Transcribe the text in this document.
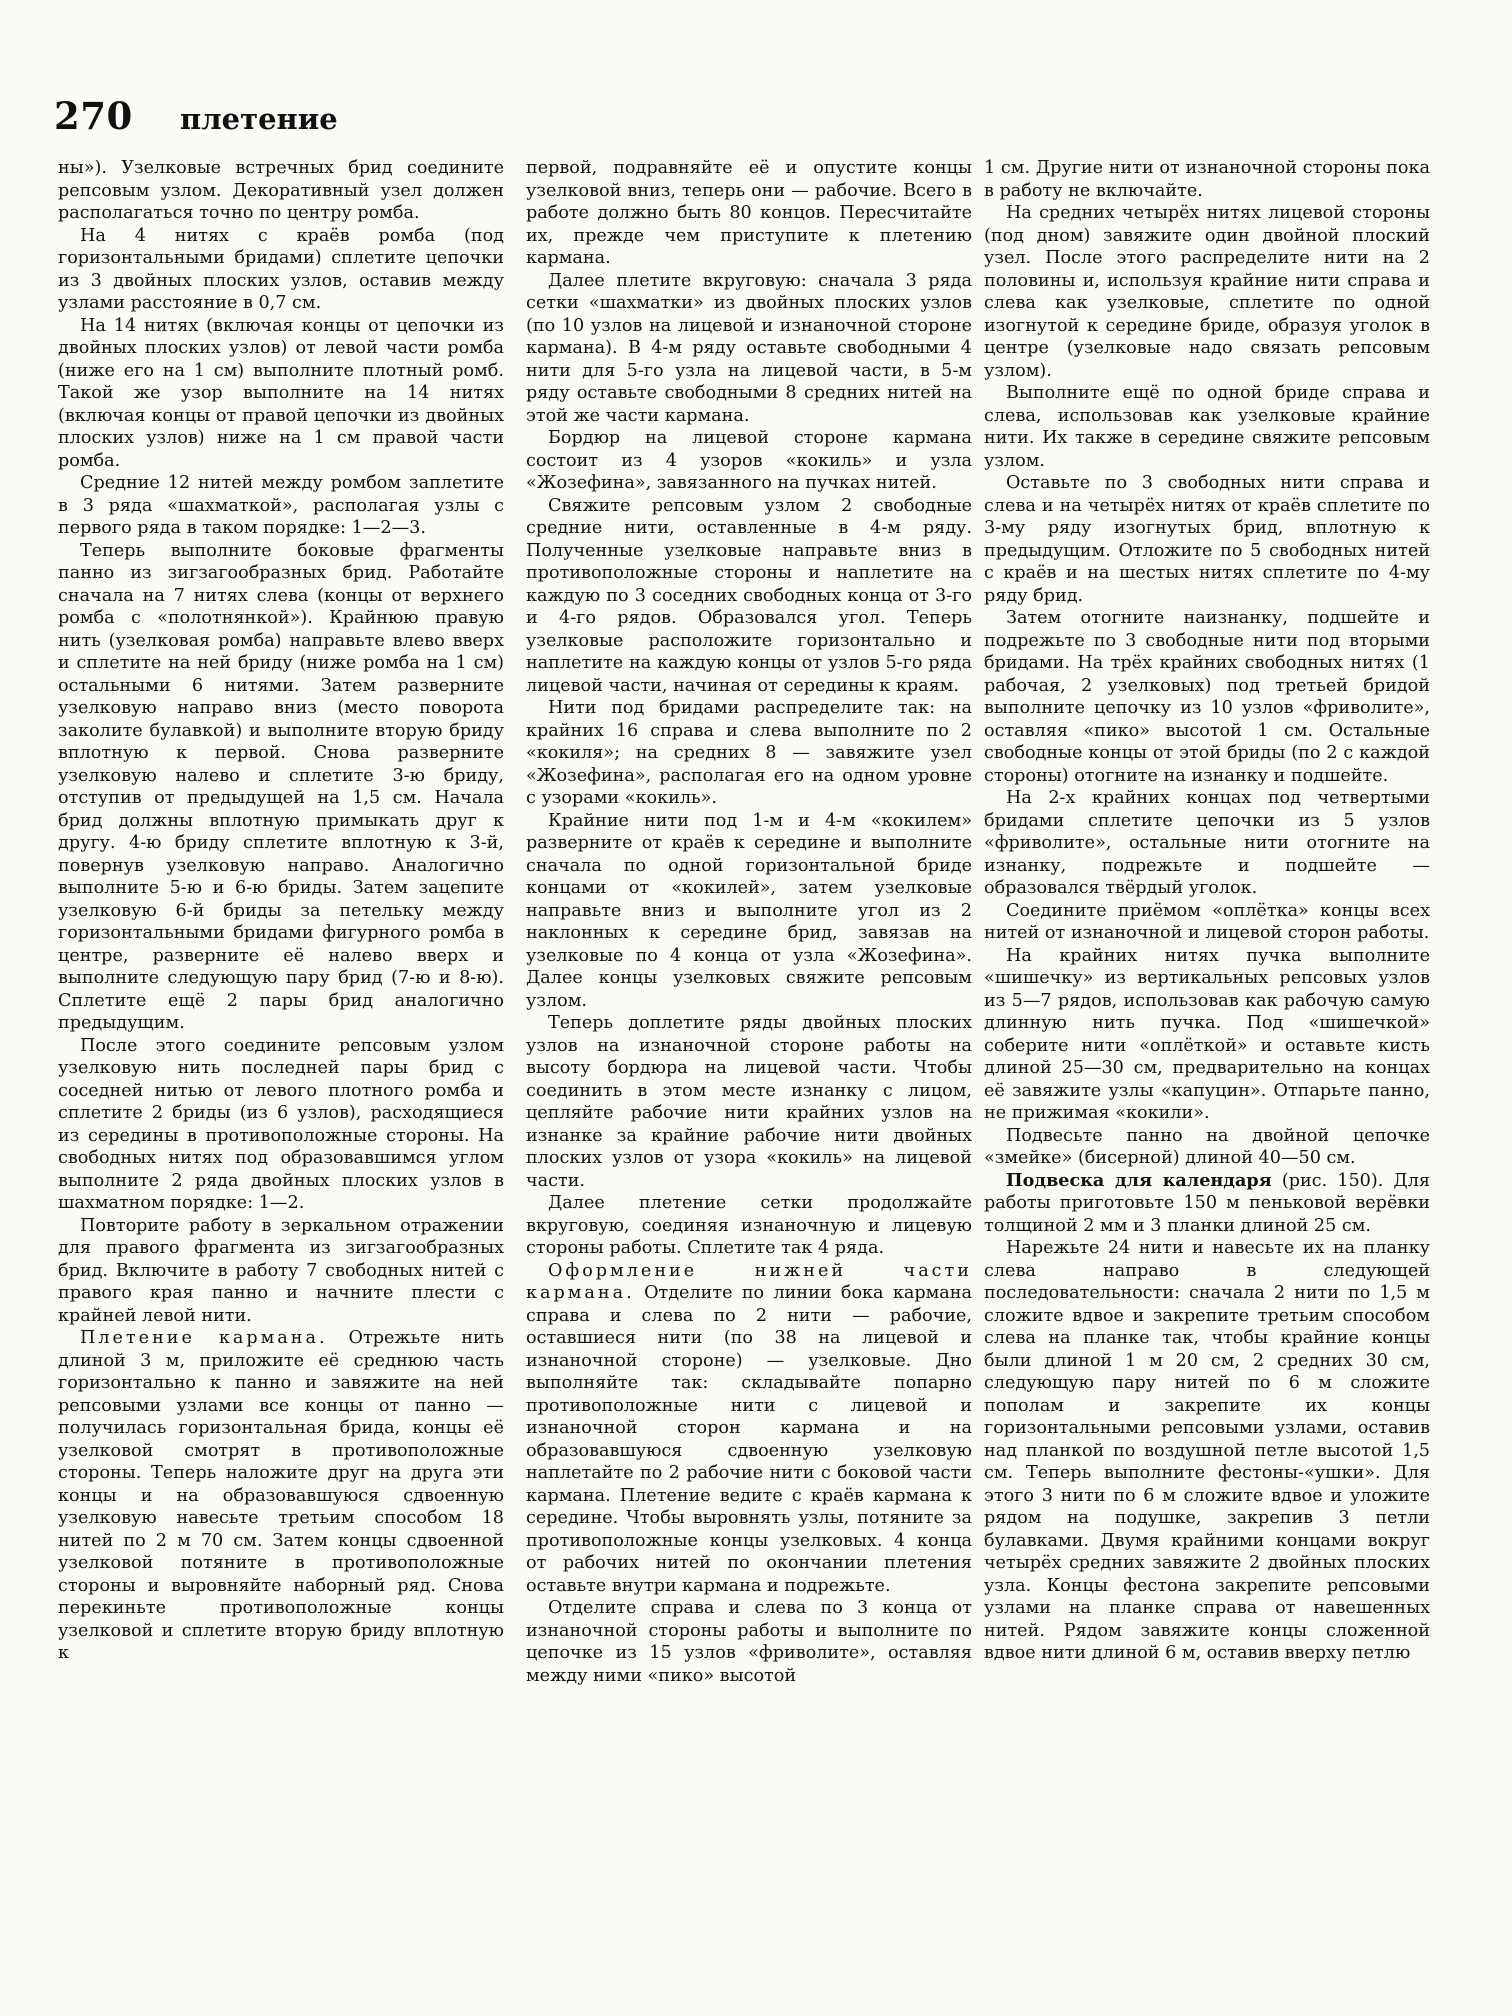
270 плетение

ны»). Узелковые встречных брид соедините репсовым узлом. Декоративный узел должен располагаться точно по центру ромба.

На 4 нитях с краёв ромба (под горизонтальными бридами) сплетите цепочки из 3 двойных плоских узлов, оставив между узлами расстояние в 0,7 см.

На 14 нитях (включая концы от цепочки из двойных плоских узлов) от левой части ромба (ниже его на 1 см) выполните плотный ромб. Такой же узор выполните на 14 нитях (включая концы от правой цепочки из двойных плоских узлов) ниже на 1 см правой части ромба.

Средние 12 нитей между ромбом заплетите в 3 ряда «шахматкой», располагая узлы с первого ряда в таком порядке: 1—2—3.

Теперь выполните боковые фрагменты панно из зигзагообразных брид. Работайте сначала на 7 нитях слева (концы от верхнего ромба с «полотнянкой»). Крайнюю правую нить (узелковая ромба) направьте влево вверх и сплетите на ней бриду (ниже ромба на 1 см) остальными 6 нитями. Затем разверните узелковую направо вниз (место поворота заколите булавкой) и выполните вторую бриду вплотную к первой. Снова разверните узелковую налево и сплетите 3-ю бриду, отступив от предыдущей на 1,5 см. Начала брид должны вплотную примыкать друг к другу. 4-ю бриду сплетите вплотную к 3-й, повернув узелковую направо. Аналогично выполните 5-ю и 6-ю бриды. Затем зацепите узелковую 6-й бриды за петельку между горизонтальными бридами фигурного ромба в центре, разверните её налево вверх и выполните следующую пару брид (7-ю и 8-ю). Сплетите ещё 2 пары брид аналогично предыдущим.

После этого соедините репсовым узлом узелковую нить последней пары брид с соседней нитью от левого плотного ромба и сплетите 2 бриды (из 6 узлов), расходящиеся из середины в противоположные стороны. На свободных нитях под образовавшимся углом выполните 2 ряда двойных плоских узлов в шахматном порядке: 1—2.

Повторите работу в зеркальном отражении для правого фрагмента из зигзагообразных брид. Включите в работу 7 свободных нитей с правого края панно и начните плести с крайней левой нити.

Плетение кармана. Отрежьте нить длиной 3 м, приложите её среднюю часть горизонтально к панно и завяжите на ней репсовыми узлами все концы от панно — получилась горизонтальная брида, концы её узелковой смотрят в противоположные стороны. Теперь наложите друг на друга эти концы и на образовавшуюся сдвоенную узелковую навесьте третьим способом 18 нитей по 2 м 70 см. Затем концы сдвоенной узелковой потяните в противоположные стороны и выровняйте наборный ряд. Снова перекиньте противоположные концы узелковой и сплетите вторую бриду вплотную к

первой, подравняйте её и опустите концы узелковой вниз, теперь они — рабочие. Всего в работе должно быть 80 концов. Пересчитайте их, прежде чем приступите к плетению кармана.

Далее плетите вкруговую: сначала 3 ряда сетки «шахматки» из двойных плоских узлов (по 10 узлов на лицевой и изнаночной стороне кармана). В 4-м ряду оставьте свободными 4 нити для 5-го узла на лицевой части, в 5-м ряду оставьте свободными 8 средних нитей на этой же части кармана.

Бордюр на лицевой стороне кармана состоит из 4 узоров «кокиль» и узла «Жозефина», завязанного на пучках нитей.

Свяжите репсовым узлом 2 свободные средние нити, оставленные в 4-м ряду. Полученные узелковые направьте вниз в противоположные стороны и наплетите на каждую по 3 соседних свободных конца от 3-го и 4-го рядов. Образовался угол. Теперь узелковые расположите горизонтально и наплетите на каждую концы от узлов 5-го ряда лицевой части, начиная от середины к краям.

Нити под бридами распределите так: на крайних 16 справа и слева выполните по 2 «кокиля»; на средних 8 — завяжите узел «Жозефина», располагая его на одном уровне с узорами «кокиль».

Крайние нити под 1-м и 4-м «кокилем» разверните от краёв к середине и выполните сначала по одной горизонтальной бриде концами от «кокилей», затем узелковые направьте вниз и выполните угол из 2 наклонных к середине брид, завязав на узелковые по 4 конца от узла «Жозефина». Далее концы узелковых свяжите репсовым узлом.

Теперь доплетите ряды двойных плоских узлов на изнаночной стороне работы на высоту бордюра на лицевой части. Чтобы соединить в этом месте изнанку с лицом, цепляйте рабочие нити крайних узлов на изнанке за крайние рабочие нити двойных плоских узлов от узора «кокиль» на лицевой части.

Далее плетение сетки продолжайте вкруговую, соединяя изнаночную и лицевую стороны работы. Сплетите так 4 ряда.

Оформление нижней части кармана. Отделите по линии бока кармана справа и слева по 2 нити — рабочие, оставшиеся нити (по 38 на лицевой и изнаночной стороне) — узелковые. Дно выполняйте так: складывайте попарно противоположные нити с лицевой и изнаночной сторон кармана и на образовавшуюся сдвоенную узелковую наплетайте по 2 рабочие нити с боковой части кармана. Плетение ведите с краёв кармана к середине. Чтобы выровнять узлы, потяните за противоположные концы узелковых. 4 конца от рабочих нитей по окончании плетения оставьте внутри кармана и подрежьте.

Отделите справа и слева по 3 конца от изнаночной стороны работы и выполните по цепочке из 15 узлов «фриволите», оставляя между ними «пико» высотой

1 см. Другие нити от изнаночной стороны пока в работу не включайте.

На средних четырёх нитях лицевой стороны (под дном) завяжите один двойной плоский узел. После этого распределите нити на 2 половины и, используя крайние нити справа и слева как узелковые, сплетите по одной изогнутой к середине бриде, образуя уголок в центре (узелковые надо связать репсовым узлом).

Выполните ещё по одной бриде справа и слева, использовав как узелковые крайние нити. Их также в середине свяжите репсовым узлом.

Оставьте по 3 свободных нити справа и слева и на четырёх нитях от краёв сплетите по 3-му ряду изогнутых брид, вплотную к предыдущим. Отложите по 5 свободных нитей с краёв и на шестых нитях сплетите по 4-му ряду брид.

Затем отогните наизнанку, подшейте и подрежьте по 3 свободные нити под вторыми бридами. На трёх крайних свободных нитях (1 рабочая, 2 узелковых) под третьей бридой выполните цепочку из 10 узлов «фриволите», оставляя «пико» высотой 1 см. Остальные свободные концы от этой бриды (по 2 с каждой стороны) отогните на изнанку и подшейте.

На 2-х крайних концах под четвертыми бридами сплетите цепочки из 5 узлов «фриволите», остальные нити отогните на изнанку, подрежьте и подшейте — образовался твёрдый уголок.

Соедините приёмом «оплётка» концы всех нитей от изнаночной и лицевой сторон работы.

На крайних нитях пучка выполните «шишечку» из вертикальных репсовых узлов из 5—7 рядов, использовав как рабочую самую длинную нить пучка. Под «шишечкой» соберите нити «оплёткой» и оставьте кисть длиной 25—30 см, предварительно на концах её завяжите узлы «капуцин». Отпарьте панно, не прижимая «кокили».

Подвесьте панно на двойной цепочке «змейке» (бисерной) длиной 40—50 см.

Подвеска для календаря (рис. 150). Для работы приготовьте 150 м пеньковой верёвки толщиной 2 мм и 3 планки длиной 25 см.

Нарежьте 24 нити и навесьте их на планку слева направо в следующей последовательности: сначала 2 нити по 1,5 м сложите вдвое и закрепите третьим способом слева на планке так, чтобы крайние концы были длиной 1 м 20 см, 2 средних 30 см, следующую пару нитей по 6 м сложите пополам и закрепите их концы горизонтальными репсовыми узлами, оставив над планкой по воздушной петле высотой 1,5 см. Теперь выполните фестоны-«ушки». Для этого 3 нити по 6 м сложите вдвое и уложите рядом на подушке, закрепив 3 петли булавками. Двумя крайними концами вокруг четырёх средних завяжите 2 двойных плоских узла. Концы фестона закрепите репсовыми узлами на планке справа от навешенных нитей. Рядом завяжите концы сложенной вдвое нити длиной 6 м, оставив вверху петлю
